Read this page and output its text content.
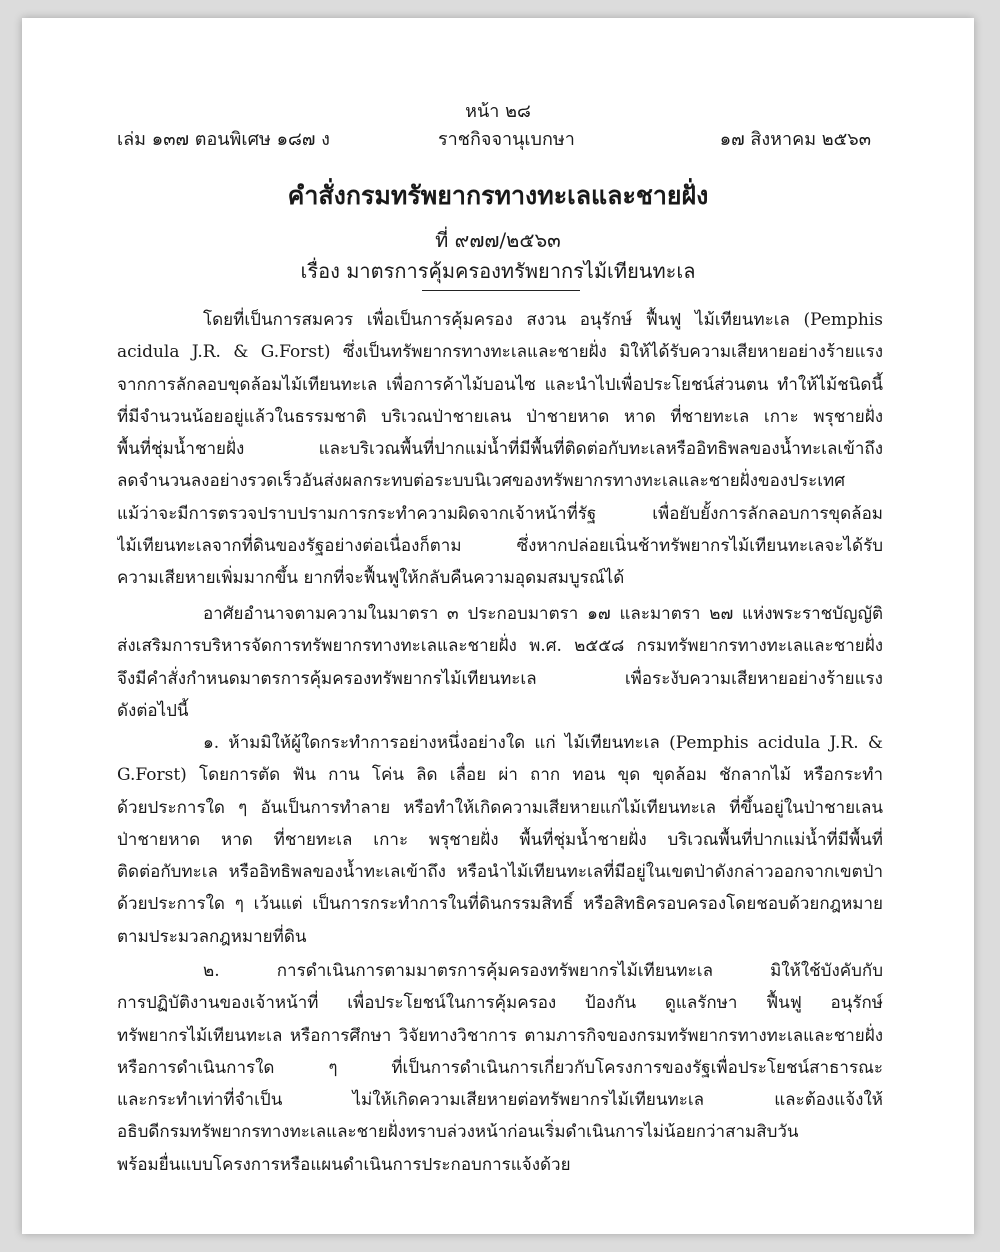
หน้า ๒๘
เล่ม ๑๓๗ ตอนพิเศษ ๑๘๗ ง	ราชกิจจานุเบกษา	๑๗ สิงหาคม ๒๕๖๓
คำสั่งกรมทรัพยากรทางทะเลและชายฝั่ง
ที่ ๙๗๗/๒๕๖๓
เรื่อง มาตรการคุ้มครองทรัพยากรไม้เทียนทะเล
โดยที่เป็นการสมควร เพื่อเป็นการคุ้มครอง สงวน อนุรักษ์ ฟื้นฟู ไม้เทียนทะเล (Pemphis
acidula J.R. & G.Forst) ซึ่งเป็นทรัพยากรทางทะเลและชายฝั่ง มิให้ได้รับความเสียหายอย่างร้ายแรง
จากการลักลอบขุดล้อมไม้เทียนทะเล เพื่อการค้าไม้บอนไซ และนำไปเพื่อประโยชน์ส่วนตน ทำให้ไม้ชนิดนี้
ที่มีจำนวนน้อยอยู่แล้วในธรรมชาติ บริเวณป่าชายเลน ป่าชายหาด หาด ที่ชายทะเล เกาะ พรุชายฝั่ง
พื้นที่ชุ่มน้ำชายฝั่ง และบริเวณพื้นที่ปากแม่น้ำที่มีพื้นที่ติดต่อกับทะเลหรืออิทธิพลของน้ำทะเลเข้าถึง
ลดจำนวนลงอย่างรวดเร็วอันส่งผลกระทบต่อระบบนิเวศของทรัพยากรทางทะเลและชายฝั่งของประเทศ
แม้ว่าจะมีการตรวจปราบปรามการกระทำความผิดจากเจ้าหน้าที่รัฐ เพื่อยับยั้งการลักลอบการขุดล้อม
ไม้เทียนทะเลจากที่ดินของรัฐอย่างต่อเนื่องก็ตาม ซึ่งหากปล่อยเนิ่นช้าทรัพยากรไม้เทียนทะเลจะได้รับ
ความเสียหายเพิ่มมากขึ้น ยากที่จะฟื้นฟูให้กลับคืนความอุดมสมบูรณ์ได้
อาศัยอำนาจตามความในมาตรา ๓ ประกอบมาตรา ๑๗ และมาตรา ๒๗ แห่งพระราชบัญญัติ
ส่งเสริมการบริหารจัดการทรัพยากรทางทะเลและชายฝั่ง พ.ศ. ๒๕๕๘ กรมทรัพยากรทางทะเลและชายฝั่ง
จึงมีคำสั่งกำหนดมาตรการคุ้มครองทรัพยากรไม้เทียนทะเล เพื่อระงับความเสียหายอย่างร้ายแรง
ดังต่อไปนี้
๑. ห้ามมิให้ผู้ใดกระทำการอย่างหนึ่งอย่างใด แก่ ไม้เทียนทะเล (Pemphis acidula J.R. &
G.Forst) โดยการตัด ฟัน กาน โค่น ลิด เลื่อย ผ่า ถาก ทอน ขุด ขุดล้อม ชักลากไม้ หรือกระทำ
ด้วยประการใด ๆ อันเป็นการทำลาย หรือทำให้เกิดความเสียหายแก่ไม้เทียนทะเล ที่ขึ้นอยู่ในป่าชายเลน
ป่าชายหาด หาด ที่ชายทะเล เกาะ พรุชายฝั่ง พื้นที่ชุ่มน้ำชายฝั่ง บริเวณพื้นที่ปากแม่น้ำที่มีพื้นที่
ติดต่อกับทะเล หรืออิทธิพลของน้ำทะเลเข้าถึง หรือนำไม้เทียนทะเลที่มีอยู่ในเขตป่าดังกล่าวออกจากเขตป่า
ด้วยประการใด ๆ เว้นแต่ เป็นการกระทำการในที่ดินกรรมสิทธิ์ หรือสิทธิครอบครองโดยชอบด้วยกฎหมาย
ตามประมวลกฎหมายที่ดิน
๒. การดำเนินการตามมาตรการคุ้มครองทรัพยากรไม้เทียนทะเล มิให้ใช้บังคับกับ
การปฏิบัติงานของเจ้าหน้าที่ เพื่อประโยชน์ในการคุ้มครอง ป้องกัน ดูแลรักษา ฟื้นฟู อนุรักษ์
ทรัพยากรไม้เทียนทะเล หรือการศึกษา วิจัยทางวิชาการ ตามภารกิจของกรมทรัพยากรทางทะเลและชายฝั่ง
หรือการดำเนินการใด ๆ ที่เป็นการดำเนินการเกี่ยวกับโครงการของรัฐเพื่อประโยชน์สาธารณะ
และกระทำเท่าที่จำเป็น ไม่ให้เกิดความเสียหายต่อทรัพยากรไม้เทียนทะเล และต้องแจ้งให้
อธิบดีกรมทรัพยากรทางทะเลและชายฝั่งทราบล่วงหน้าก่อนเริ่มดำเนินการไม่น้อยกว่าสามสิบวัน
พร้อมยื่นแบบโครงการหรือแผนดำเนินการประกอบการแจ้งด้วย
